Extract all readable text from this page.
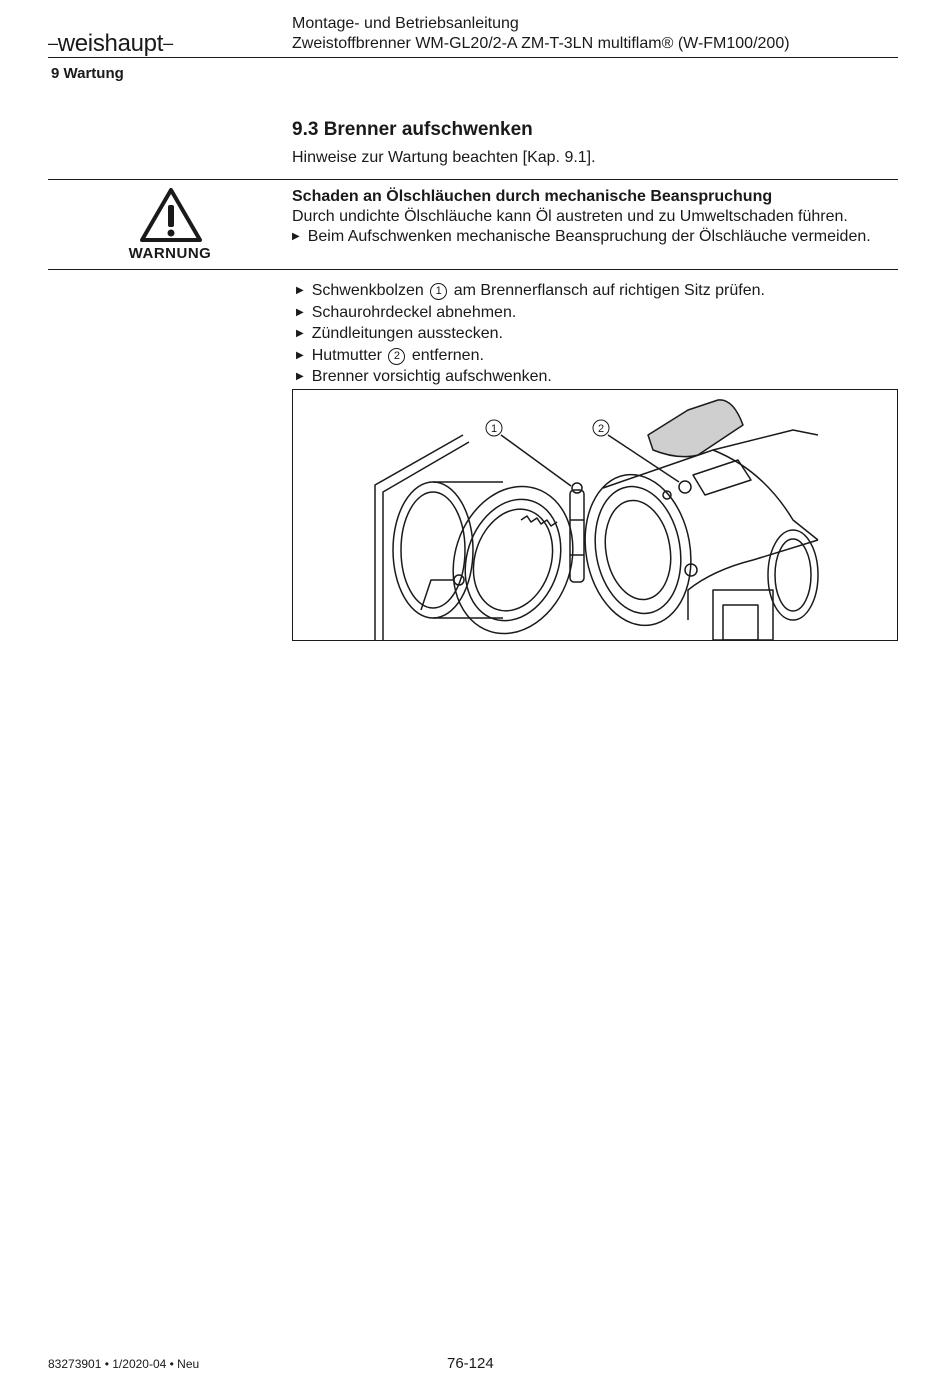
–weishaupt–
Montage- und Betriebsanleitung
Zweistoffbrenner WM-GL20/2-A ZM-T-3LN multiflam® (W-FM100/200)
9 Wartung
9.3 Brenner aufschwenken
Hinweise zur Wartung beachten [Kap. 9.1].
WARNUNG
Schaden an Ölschläuchen durch mechanische Beanspruchung
Durch undichte Ölschläuche kann Öl austreten und zu Umweltschaden führen.
▶ Beim Aufschwenken mechanische Beanspruchung der Ölschläuche vermeiden.
▶ Schwenkbolzen 1 am Brennerflansch auf richtigen Sitz prüfen.
▶ Schaurohrdeckel abnehmen.
▶ Zündleitungen ausstecken.
▶ Hutmutter 2 entfernen.
▶ Brenner vorsichtig aufschwenken.
1	2
83273901 • 1/2020-04 • Neu	76-124
